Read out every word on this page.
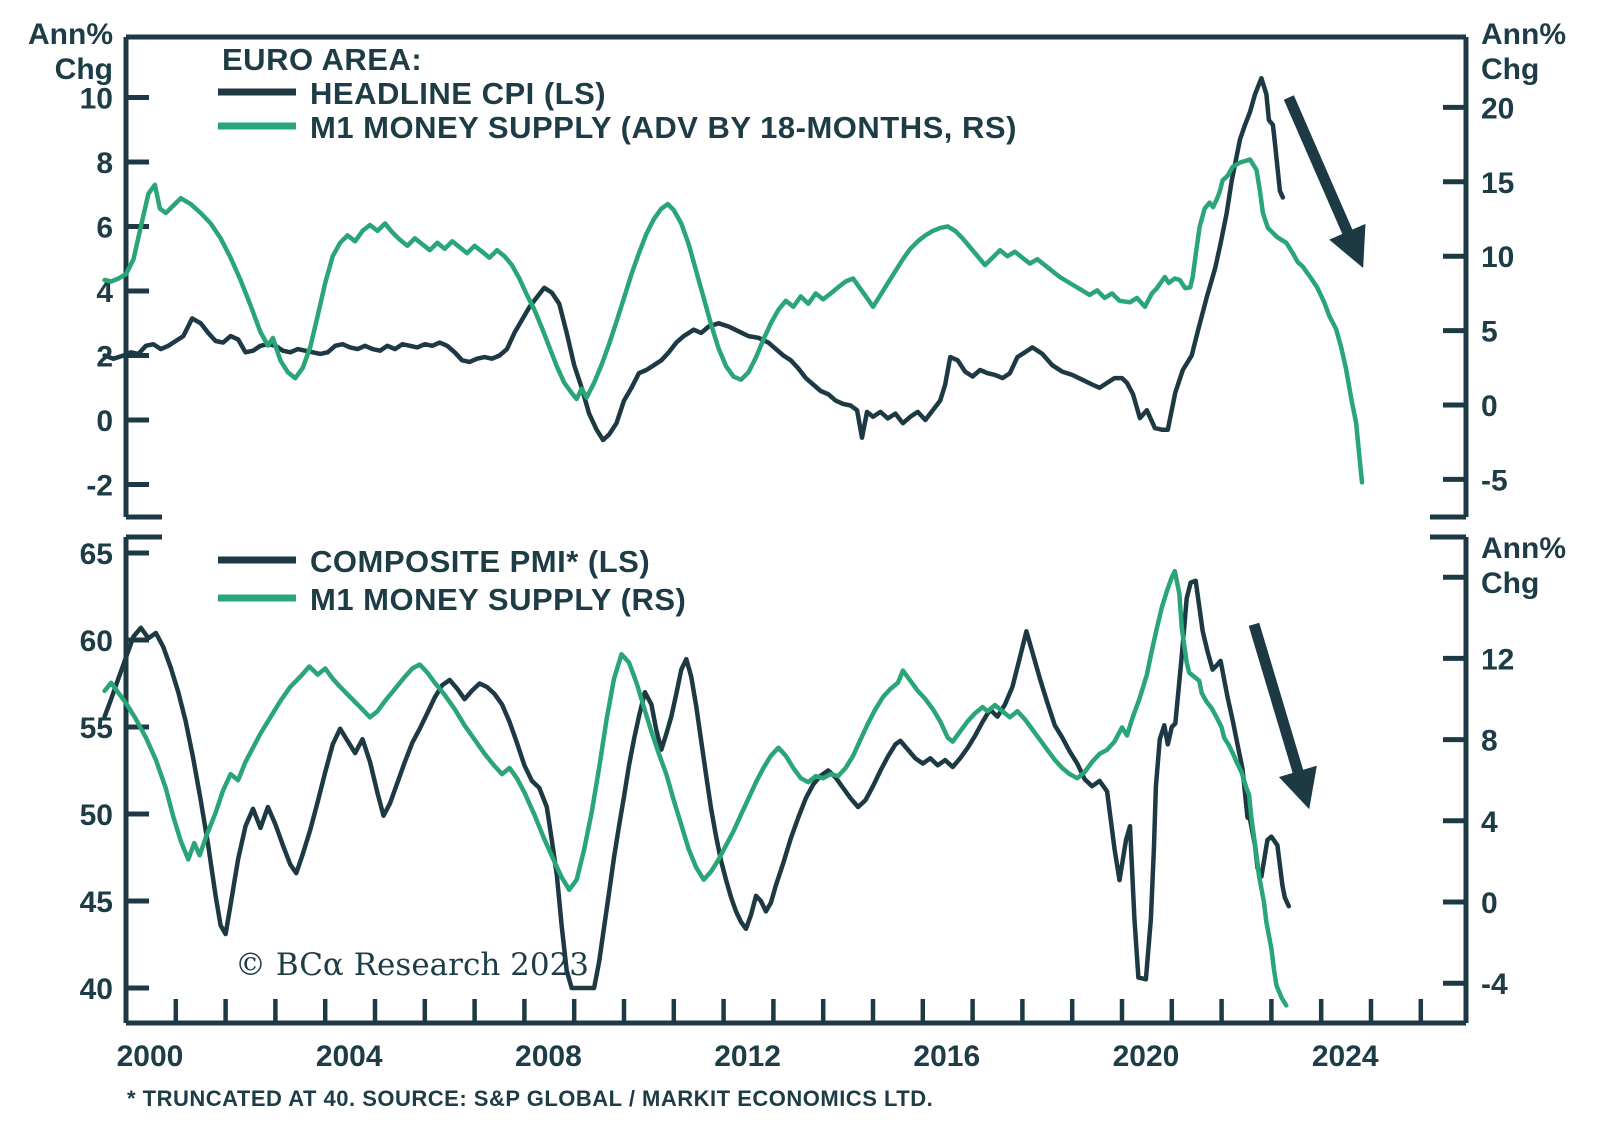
10
8
6
4
2
0
-2
20
15
10
5
0
-5
65
60
55
50
45
40
12
8
4
0
-4
2000	2004	2008	2012	2016	2020	2024
Ann%
Chg
Ann%
Chg
Ann%
Chg
EURO AREA:
HEADLINE CPI (LS)
M1 MONEY SUPPLY (ADV BY 18-MONTHS, RS)
COMPOSITE PMI* (LS)
M1 MONEY SUPPLY (RS)
© BCα Research 2023
* TRUNCATED AT 40. SOURCE: S&P GLOBAL / MARKIT ECONOMICS LTD.
